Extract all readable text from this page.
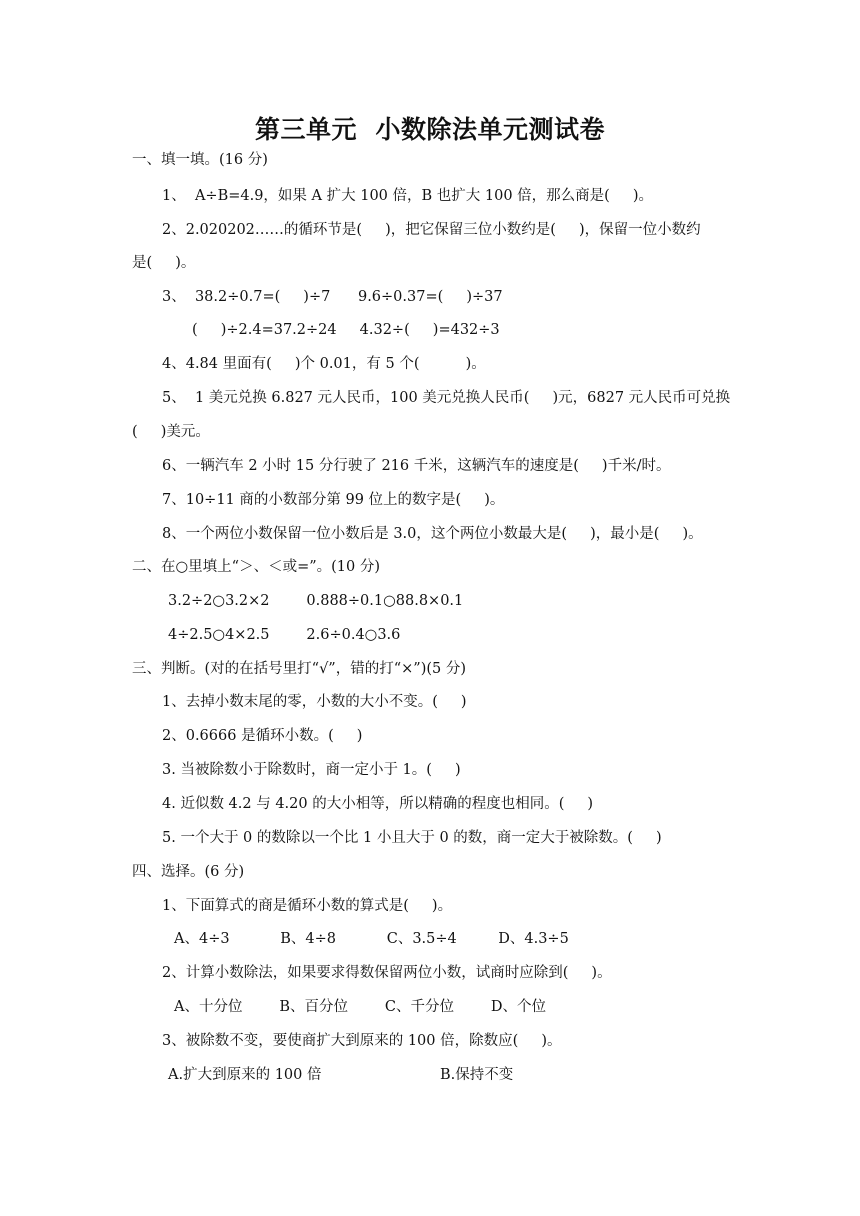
第三单元  小数除法单元测试卷
一、填一填。(16 分)
1、  A÷B=4.9，如果 A 扩大 100 倍，B 也扩大 100 倍，那么商是(     )。
2、2.020202……的循环节是(     )，把它保留三位小数约是(     )，保留一位小数约
是(     )。
3、  38.2÷0.7=(     )÷7      9.6÷0.37=(     )÷37
(     )÷2.4=37.2÷24     4.32÷(     )=432÷3
4、4.84 里面有(     )个 0.01，有 5 个(          )。
5、  1 美元兑换 6.827 元人民币，100 美元兑换人民币(     )元，6827 元人民币可兑换
(     )美元。
6、一辆汽车 2 小时 15 分行驶了 216 千米，这辆汽车的速度是(     )千米/时。
7、10÷11 商的小数部分第 99 位上的数字是(     )。
8、一个两位小数保留一位小数后是 3.0，这个两位小数最大是(     )，最小是(     )。
二、在○里填上“＞、＜或=”。(10 分)
3.2÷2○3.2×2        0.888÷0.1○88.8×0.1
4÷2.5○4×2.5        2.6÷0.4○3.6
三、判断。(对的在括号里打“√”，错的打“×”)(5 分)
1、去掉小数末尾的零，小数的大小不变。(     )
2、0.6666 是循环小数。(     )
3. 当被除数小于除数时，商一定小于 1。(     )
4. 近似数 4.2 与 4.20 的大小相等，所以精确的程度也相同。(     )
5. 一个大于 0 的数除以一个比 1 小且大于 0 的数，商一定大于被除数。(     )
四、选择。(6 分)
1、下面算式的商是循环小数的算式是(     )。
A、4÷3           B、4÷8           C、3.5÷4         D、4.3÷5
2、计算小数除法，如果要求得数保留两位小数，试商时应除到(     )。
A、十分位        B、百分位        C、千分位        D、个位
3、被除数不变，要使商扩大到原来的 100 倍，除数应(     )。
A.扩大到原来的 100 倍	B.保持不变
